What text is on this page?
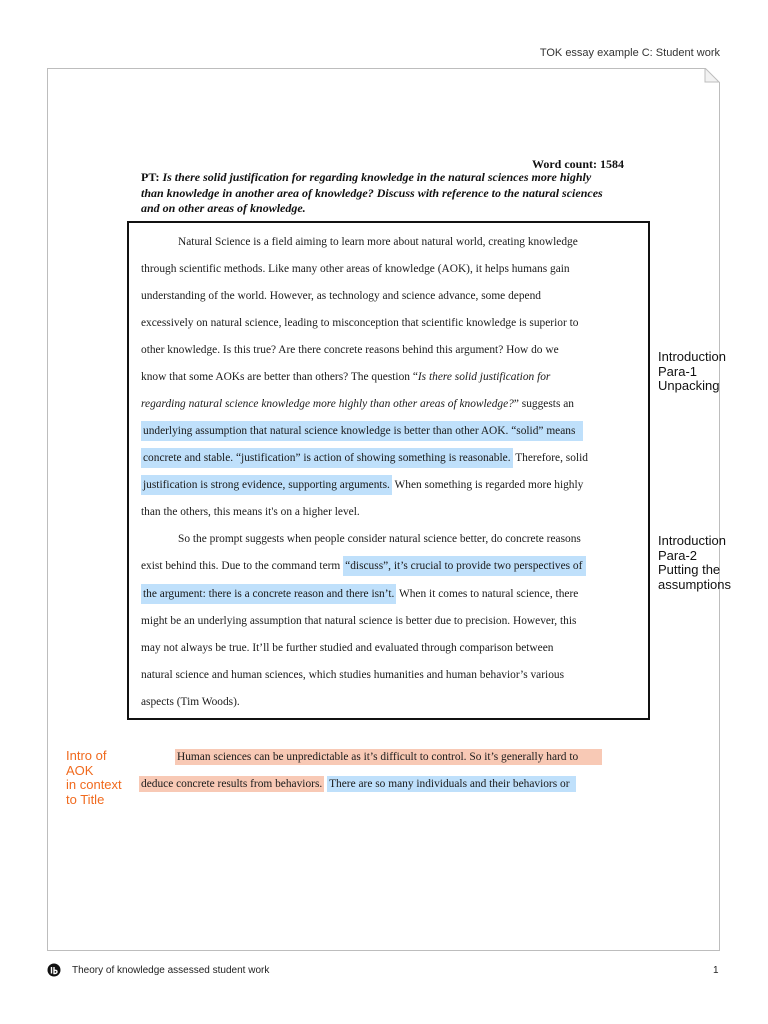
TOK essay example C: Student work
Word count: 1584
PT: Is there solid justification for regarding knowledge in the natural sciences more highly
than knowledge in another area of knowledge? Discuss with reference to the natural sciences
and on other areas of knowledge.
Natural Science is a field aiming to learn more about natural world, creating knowledge
through scientific methods. Like many other areas of knowledge (AOK), it helps humans gain
understanding of the world. However, as technology and science advance, some depend
excessively on natural science, leading to misconception that scientific knowledge is superior to
other knowledge. Is this true? Are there concrete reasons behind this argument? How do we
know that some AOKs are better than others? The question “Is there solid justification for
regarding natural science knowledge more highly than other areas of knowledge?” suggests an
underlying assumption that natural science knowledge is better than other AOK. “solid” means
concrete and stable. “justification” is action of showing something is reasonable. Therefore, solid
justification is strong evidence, supporting arguments. When something is regarded more highly
than the others, this means it's on a higher level.
So the prompt suggests when people consider natural science better, do concrete reasons
exist behind this. Due to the command term “discuss”, it’s crucial to provide two perspectives of
the argument: there is a concrete reason and there isn’t. When it comes to natural science, there
might be an underlying assumption that natural science is better due to precision. However, this
may not always be true. It’ll be further studied and evaluated through comparison between
natural science and human sciences, which studies humanities and human behavior’s various
aspects (Tim Woods).
Human sciences can be unpredictable as it’s difficult to control. So it’s generally hard to
deduce concrete results from behaviors. There are so many individuals and their behaviors or
Introduction
Para-1
Unpacking
Introduction
Para-2
Putting the
assumptions
Intro of
AOK
in context
to Title
Theory of knowledge assessed student work	1
